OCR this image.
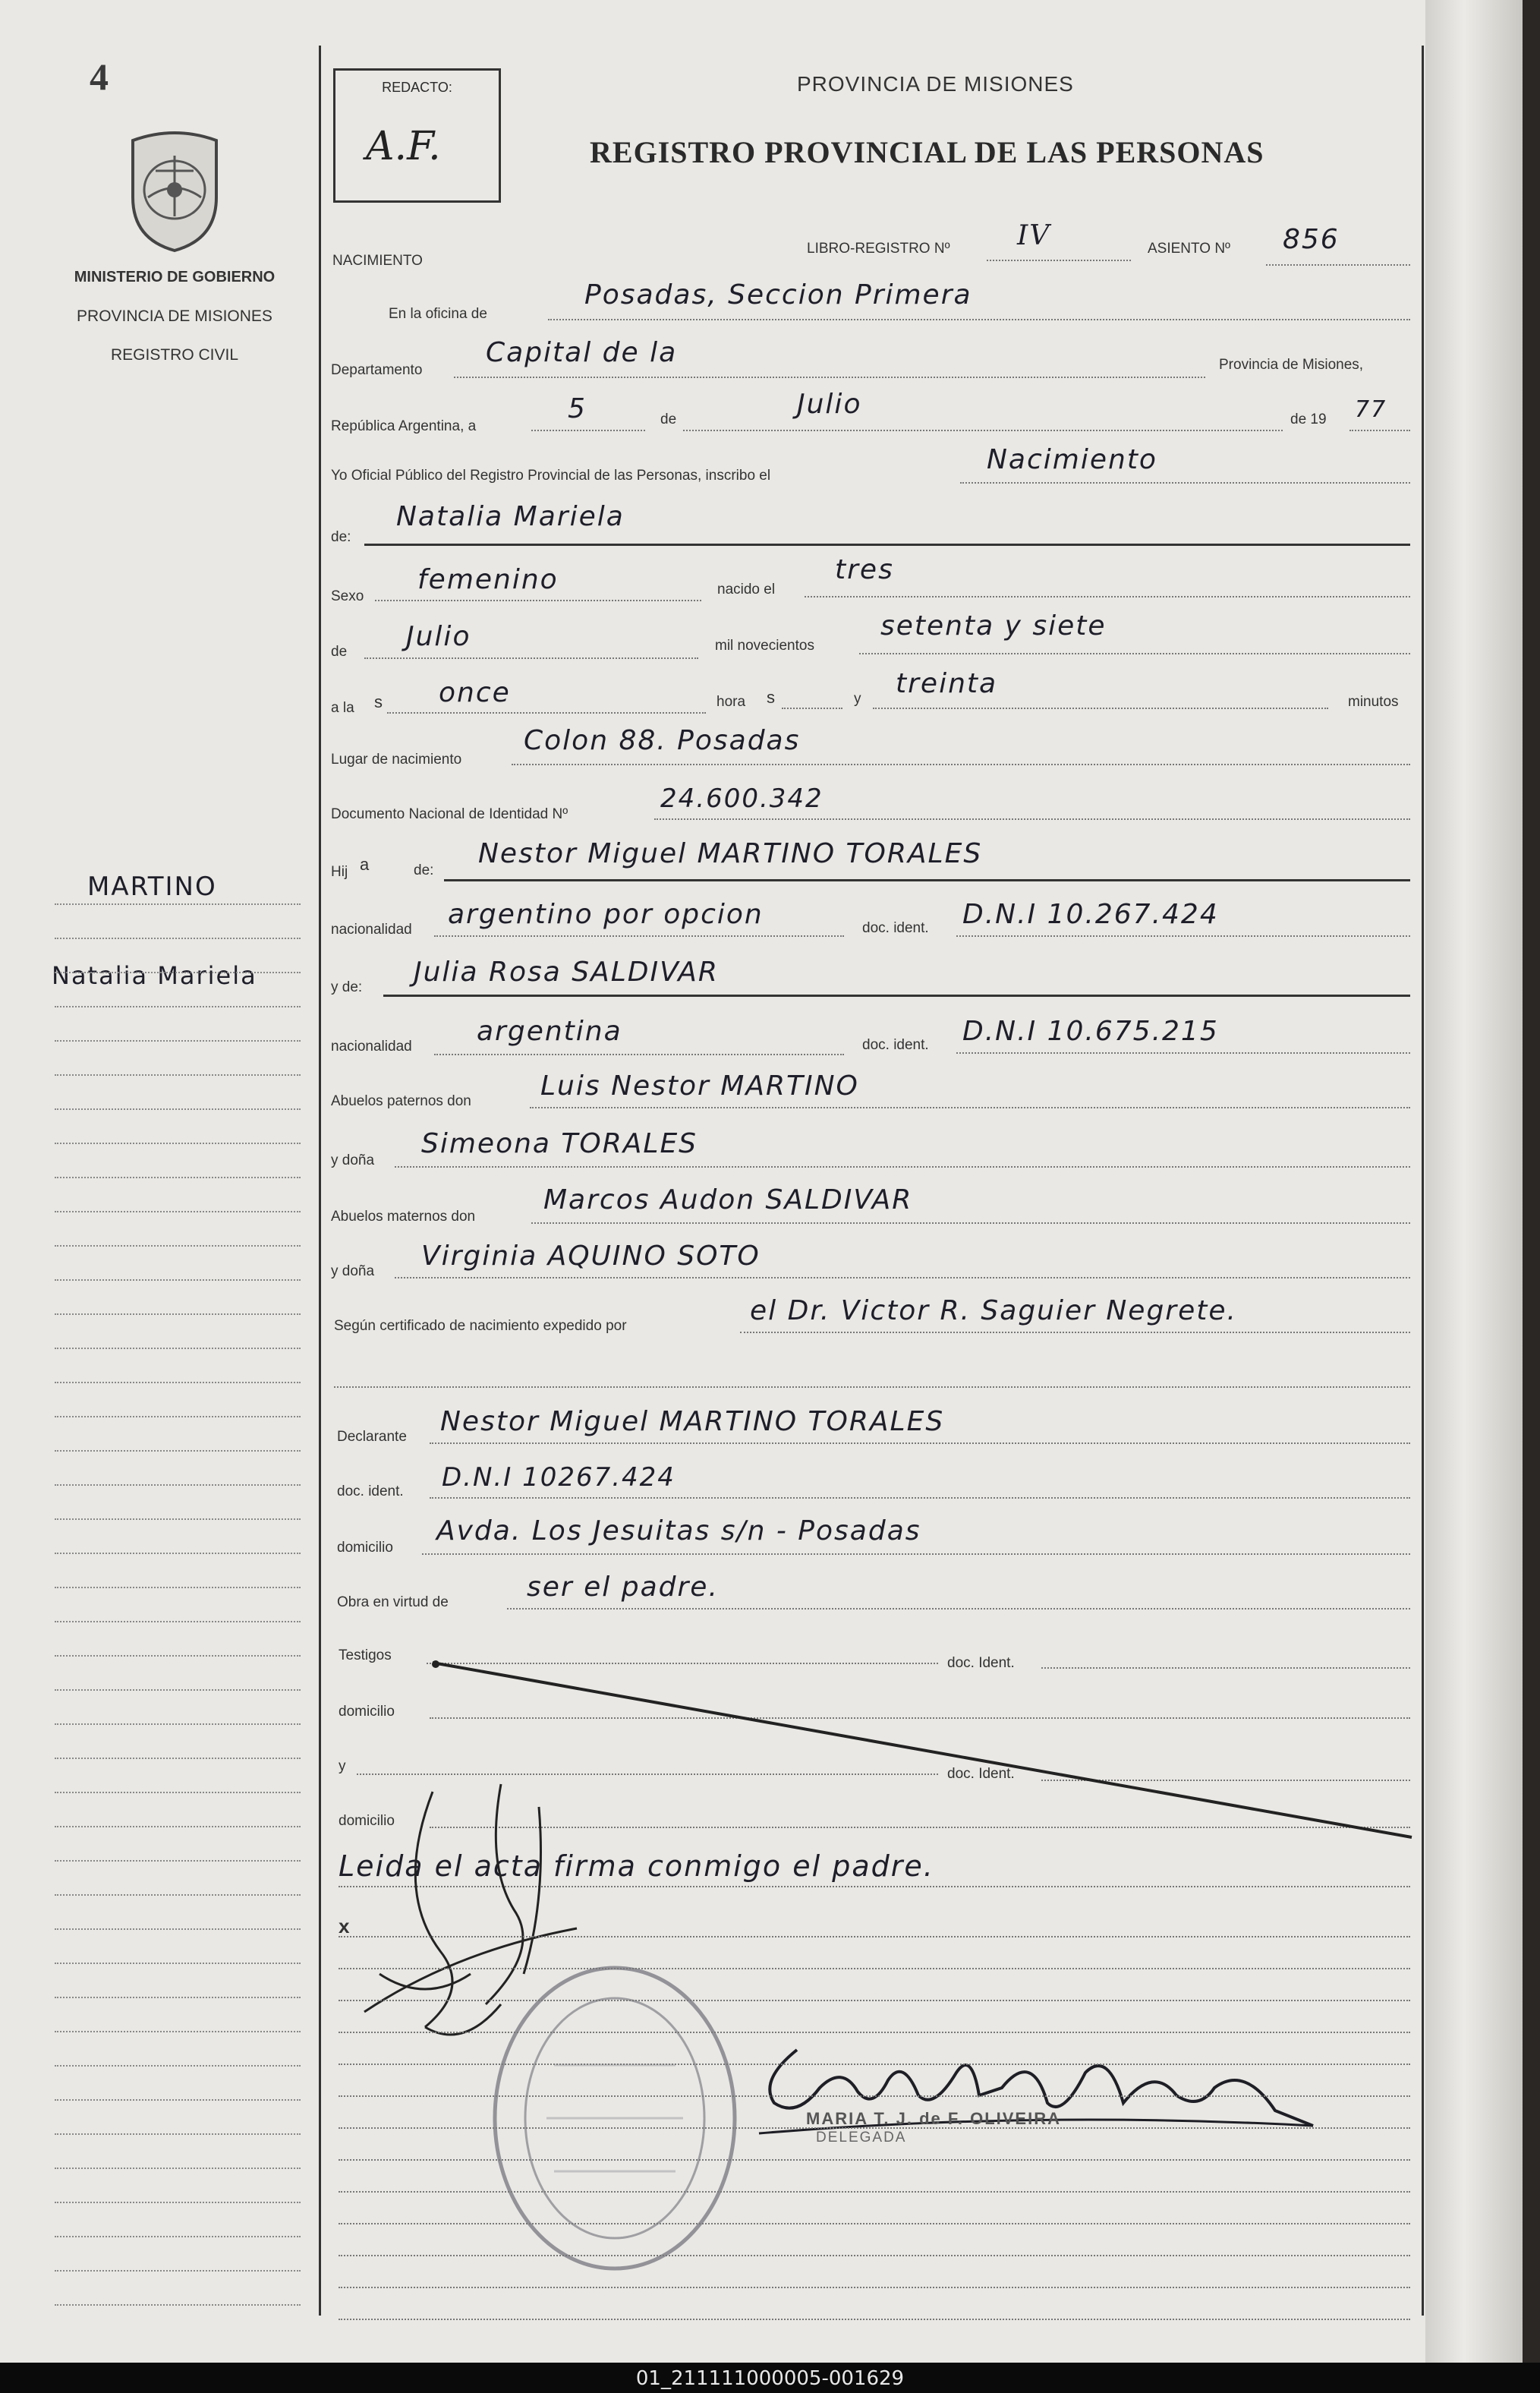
4
MINISTERIO DE GOBIERNO
PROVINCIA DE MISIONES
REGISTRO CIVIL
MARTINO
Natalia Mariela
REDACTO:
A.F.
PROVINCIA DE MISIONES
REGISTRO PROVINCIAL DE LAS PERSONAS
NACIMIENTO
LIBRO-REGISTRO Nº IV	ASIENTO Nº 856
En la oficina de
Posadas, Seccion Primera
Departamento
Capital de la	Provincia de Misiones,
República Argentina, a
5	de	Julio	de 19 77
Yo Oficial Público del Registro Provincial de las Personas, inscribo el
Nacimiento
de:
Natalia Mariela
Sexo
femenino	nacido el
tres
de Julio	mil novecientos
setenta y siete
a la s once	hora s	y treinta
minutos
Lugar de nacimiento
Colon 88. Posadas
Documento Nacional de Identidad Nº
24.600.342
Hij a	de:
Nestor Miguel MARTINO TORALES
nacionalidad argentino por opcion	doc. ident. D.N.I 10.267.424
y de: Julia Rosa SALDIVAR
nacionalidad argentina	doc. ident. D.N.I 10.675.215
Abuelos paternos don	Luis Nestor MARTINO
y doña
Simeona TORALES
Abuelos maternos don
Marcos Audon SALDIVAR
y doña Virginia AQUINO SOTO
Según certificado de nacimiento expedido por	el Dr. Victor R. Saguier Negrete.
Declarante Nestor Miguel MARTINO TORALES
doc. ident. D.N.I 10267.424
domicilio
Avda. Los Jesuitas s/n - Posadas
Obra en virtud de	ser el padre.
Testigos	doc. Ident.
domicilio
y	doc. Ident.
domicilio
Leida el acta firma conmigo el padre.
x
MARIA T. J. de F. OLIVEIRA
DELEGADA
01_211111000005-001629
